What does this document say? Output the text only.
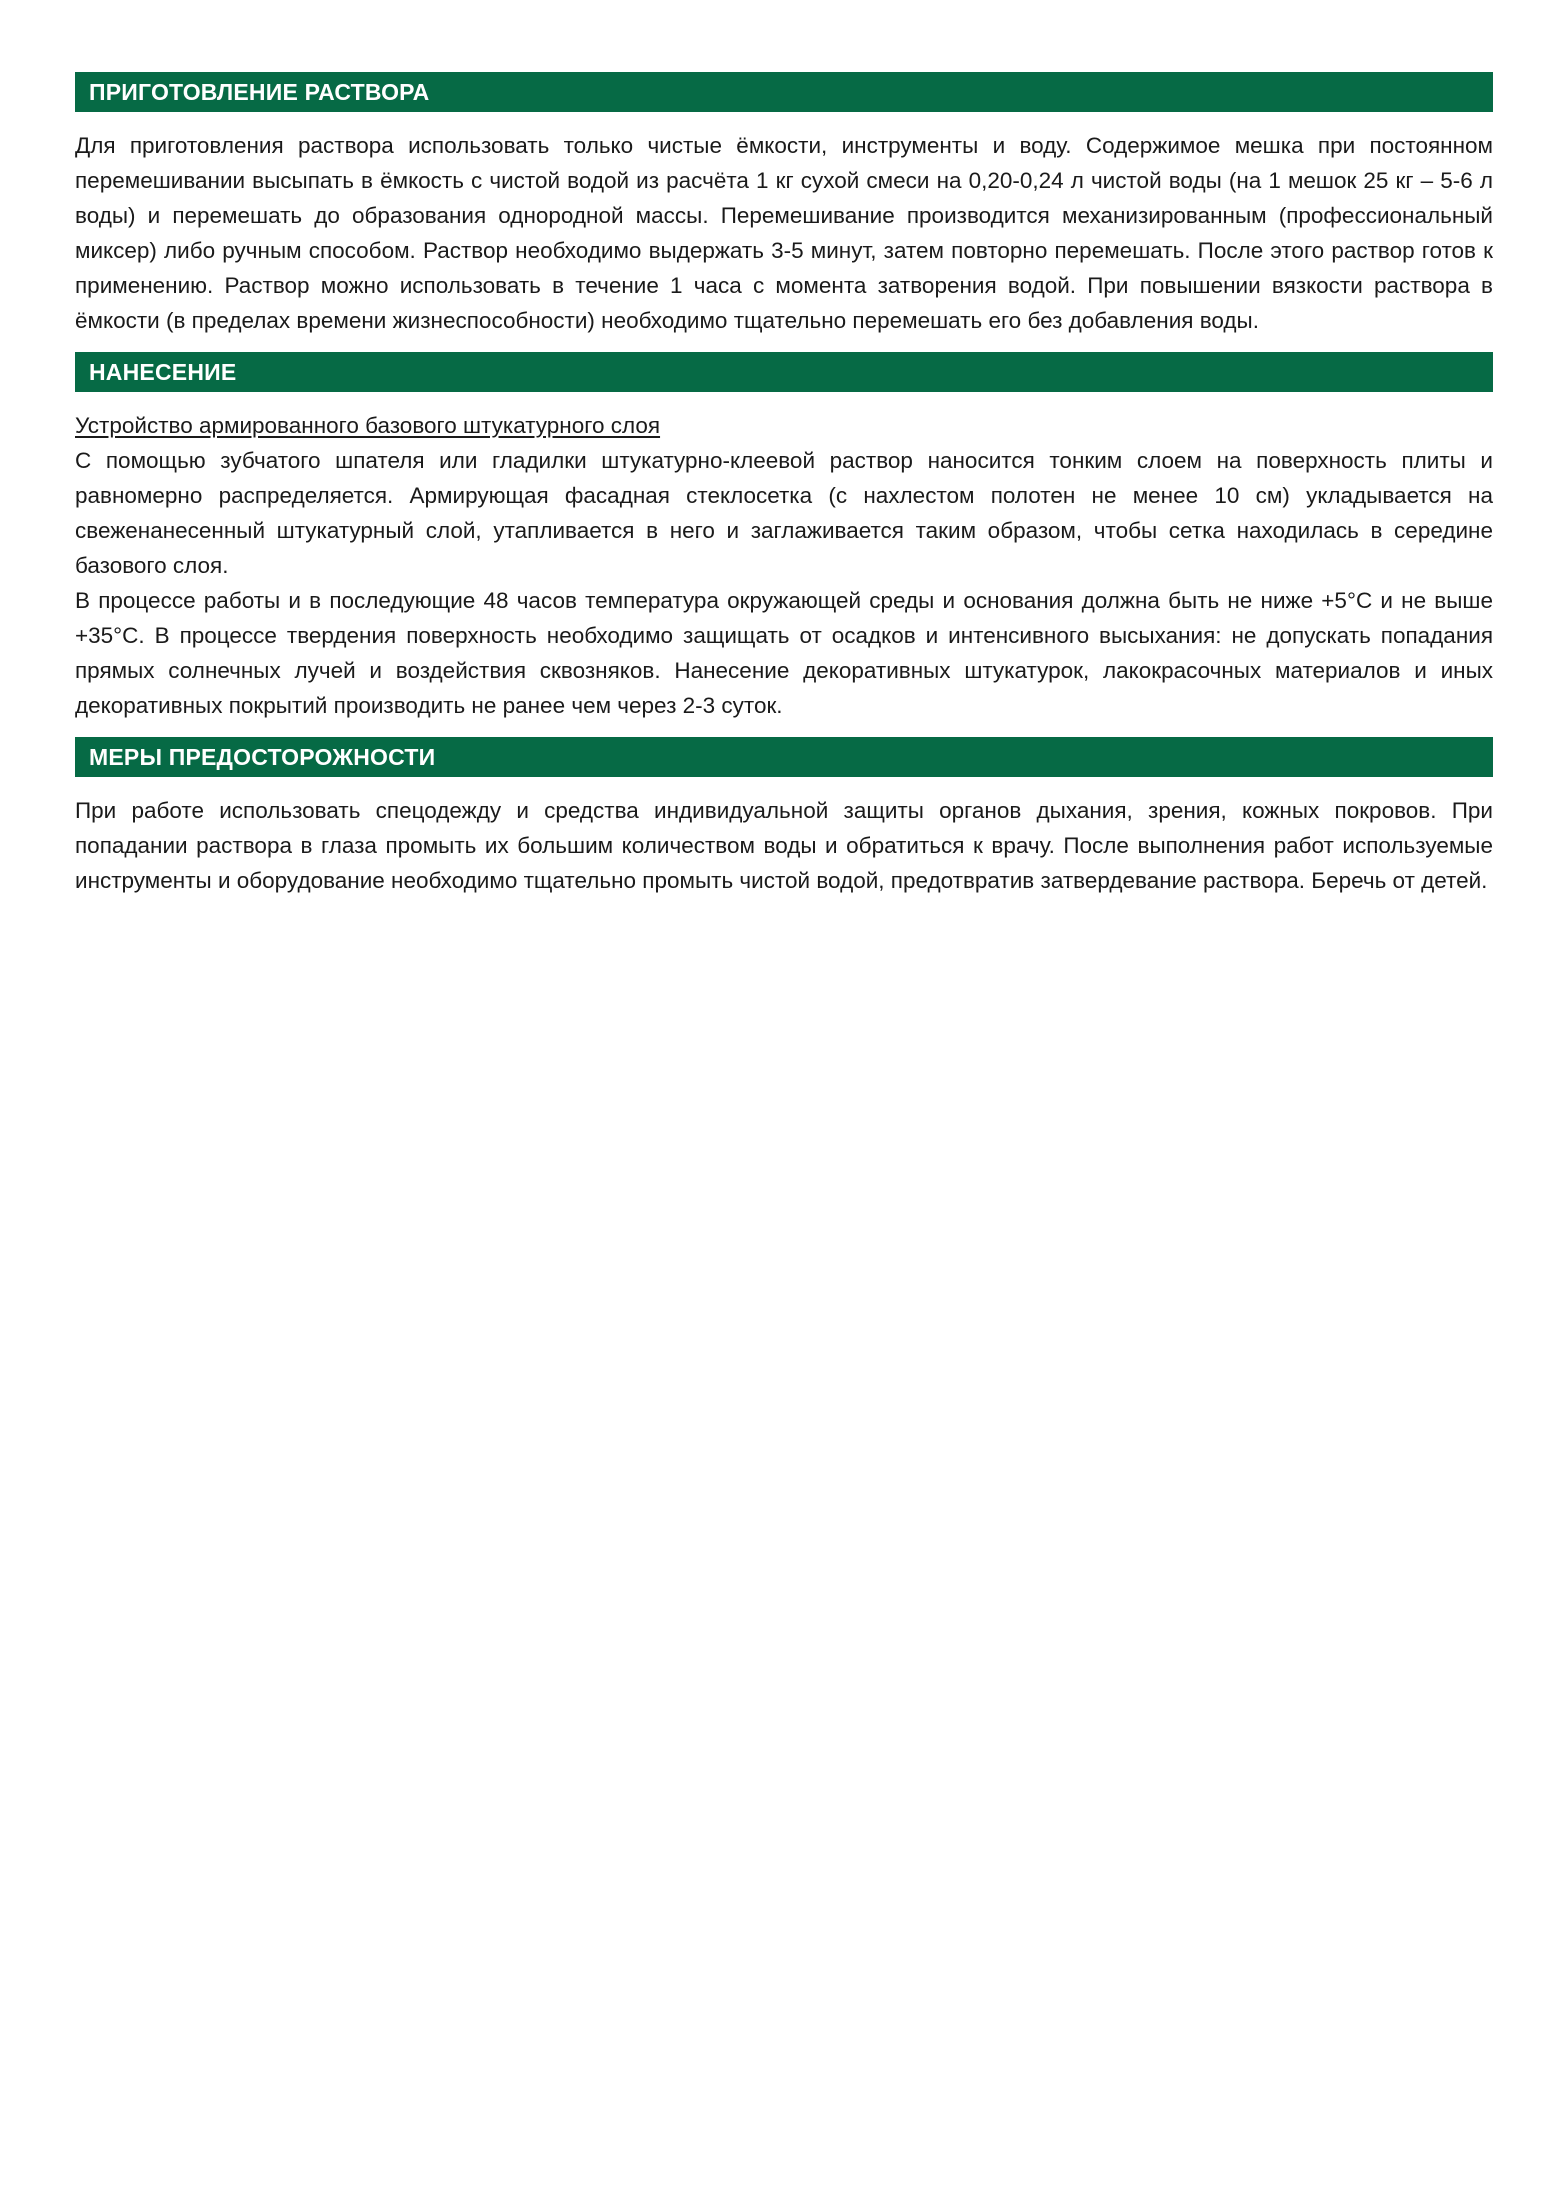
ПРИГОТОВЛЕНИЕ РАСТВОРА

Для приготовления раствора использовать только чистые ёмкости, инструменты и воду. Содержимое мешка при постоянном перемешивании высыпать в ёмкость с чистой водой из расчёта 1 кг сухой смеси на 0,20-0,24 л чистой воды (на 1 мешок 25 кг – 5-6 л воды) и перемешать до образования однородной массы. Перемешивание производится механизированным (профессиональный миксер) либо ручным способом. Раствор необходимо выдержать 3-5 минут, затем повторно перемешать. После этого раствор готов к применению. Раствор можно использовать в течение 1 часа с момента затворения водой. При повышении вязкости раствора в ёмкости (в пределах времени жизнеспособности) необходимо тщательно перемешать его без добавления воды.

НАНЕСЕНИЕ

Устройство армированного базового штукатурного слоя

С помощью зубчатого шпателя или гладилки штукатурно-клеевой раствор наносится тонким слоем на поверхность плиты и равномерно распределяется. Армирующая фасадная стеклосетка (с нахлестом полотен не менее 10 см) укладывается на свеженанесенный штукатурный слой, утапливается в него и заглаживается таким образом, чтобы сетка находилась в середине базового слоя.

В процессе работы и в последующие 48 часов температура окружающей среды и основания должна быть не ниже +5°С и не выше +35°С. В процессе твердения поверхность необходимо защищать от осадков и интенсивного высыхания: не допускать попадания прямых солнечных лучей и воздействия сквозняков. Нанесение декоративных штукатурок, лакокрасочных материалов и иных декоративных покрытий производить не ранее чем через 2-3 суток.

МЕРЫ ПРЕДОСТОРОЖНОСТИ

При работе использовать спецодежду и средства индивидуальной защиты органов дыхания, зрения, кожных покровов. При попадании раствора в глаза промыть их большим количеством воды и обратиться к врачу. После выполнения работ используемые инструменты и оборудование необходимо тщательно промыть чистой водой, предотвратив затвердевание раствора. Беречь от детей.
